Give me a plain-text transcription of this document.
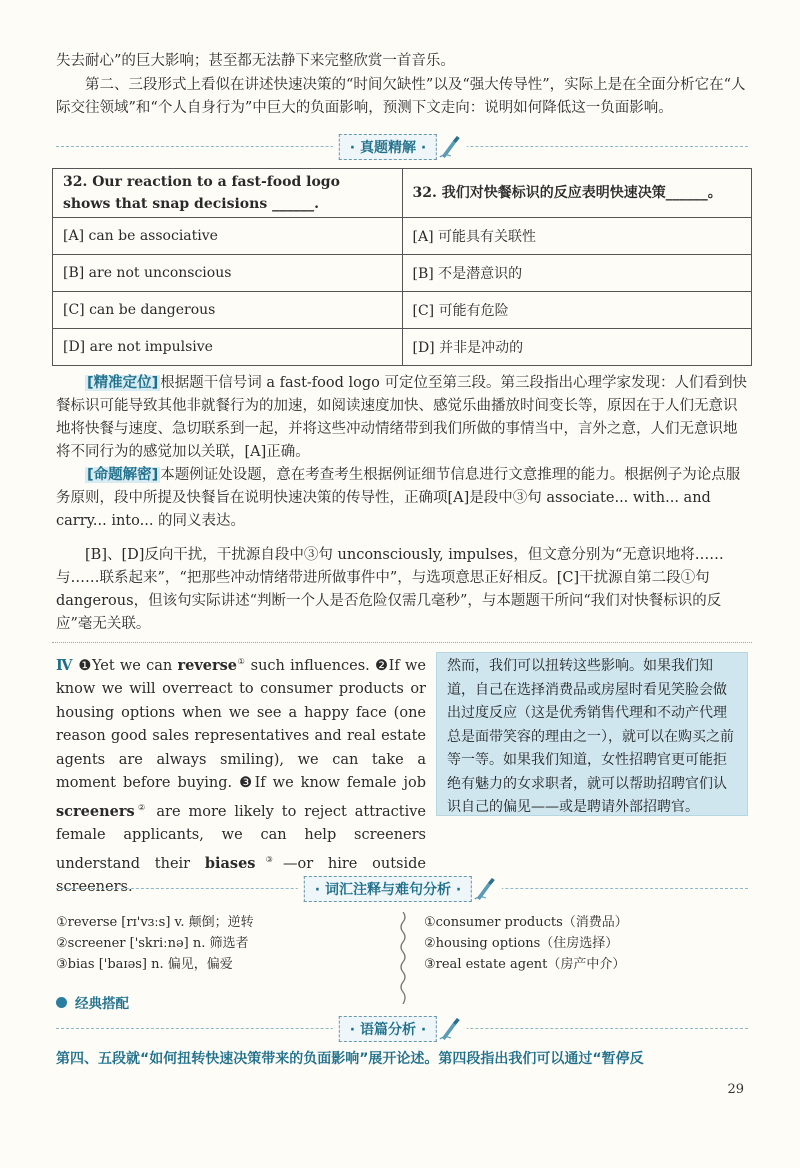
失去耐心”的巨大影响；甚至都无法静下来完整欣赏一首音乐。
第二、三段形式上看似在讲述快速决策的“时间欠缺性”以及“强大传导性”，实际上是在全面分析它在“人际交往领域”和“个人自身行为”中巨大的负面影响，预测下文走向：说明如何降低这一负面影响。
· 真题精解 ·
32. Our reaction to a fast-food logo shows that snap decisions ______.	32. 我们对快餐标识的反应表明快速决策______。
[A] can be associative	[A] 可能具有关联性
[B] are not unconscious	[B] 不是潜意识的
[C] can be dangerous	[C] 可能有危险
[D] are not impulsive	[D] 并非是冲动的
[精准定位] 根据题干信号词 a fast-food logo 可定位至第三段。第三段指出心理学家发现：人们看到快餐标识可能导致其他非就餐行为的加速，如阅读速度加快、感觉乐曲播放时间变长等，原因在于人们无意识地将快餐与速度、急切联系到一起，并将这些冲动情绪带到我们所做的事情当中，言外之意，人们无意识地将不同行为的感觉加以关联，[A]正确。
[命题解密] 本题例证处设题，意在考查考生根据例证细节信息进行文意推理的能力。根据例子为论点服务原则，段中所提及快餐旨在说明快速决策的传导性，正确项[A]是段中③句 associate... with... and carry... into... 的同义表达。
[B]、[D]反向干扰，干扰源自段中③句 unconsciously, impulses，但文意分别为“无意识地将……与……联系起来”，“把那些冲动情绪带进所做事件中”，与选项意思正好相反。[C]干扰源自第二段①句 dangerous，但该句实际讲述“判断一个人是否危险仅需几毫秒”，与本题题干所问“我们对快餐标识的反应”毫无关联。
Ⅳ ❶Yet we can reverse① such influences. ❷If we know we will overreact to consumer products or housing options when we see a happy face (one reason good sales representatives and real estate agents are always smiling), we can take a moment before buying. ❸If we know female job screeners② are more likely to reject attractive female applicants, we can help screeners understand their biases③—or hire outside screeners.
然而，我们可以扭转这些影响。如果我们知道，自己在选择消费品或房屋时看见笑脸会做出过度反应（这是优秀销售代理和不动产代理总是面带笑容的理由之一），就可以在购买之前等一等。如果我们知道，女性招聘官更可能拒绝有魅力的女求职者，就可以帮助招聘官们认识自己的偏见——或是聘请外部招聘官。
· 词汇注释与难句分析 ·
①reverse [rɪ'vɜːs] v. 颠倒；逆转
②screener ['skriːnə] n. 筛选者
③bias ['baɪəs] n. 偏见，偏爱
①consumer products（消费品）
②housing options（住房选择）
③real estate agent（房产中介）
经典搭配
· 语篇分析 ·
第四、五段就“如何扭转快速决策带来的负面影响”展开论述。第四段指出我们可以通过“暂停反
29
